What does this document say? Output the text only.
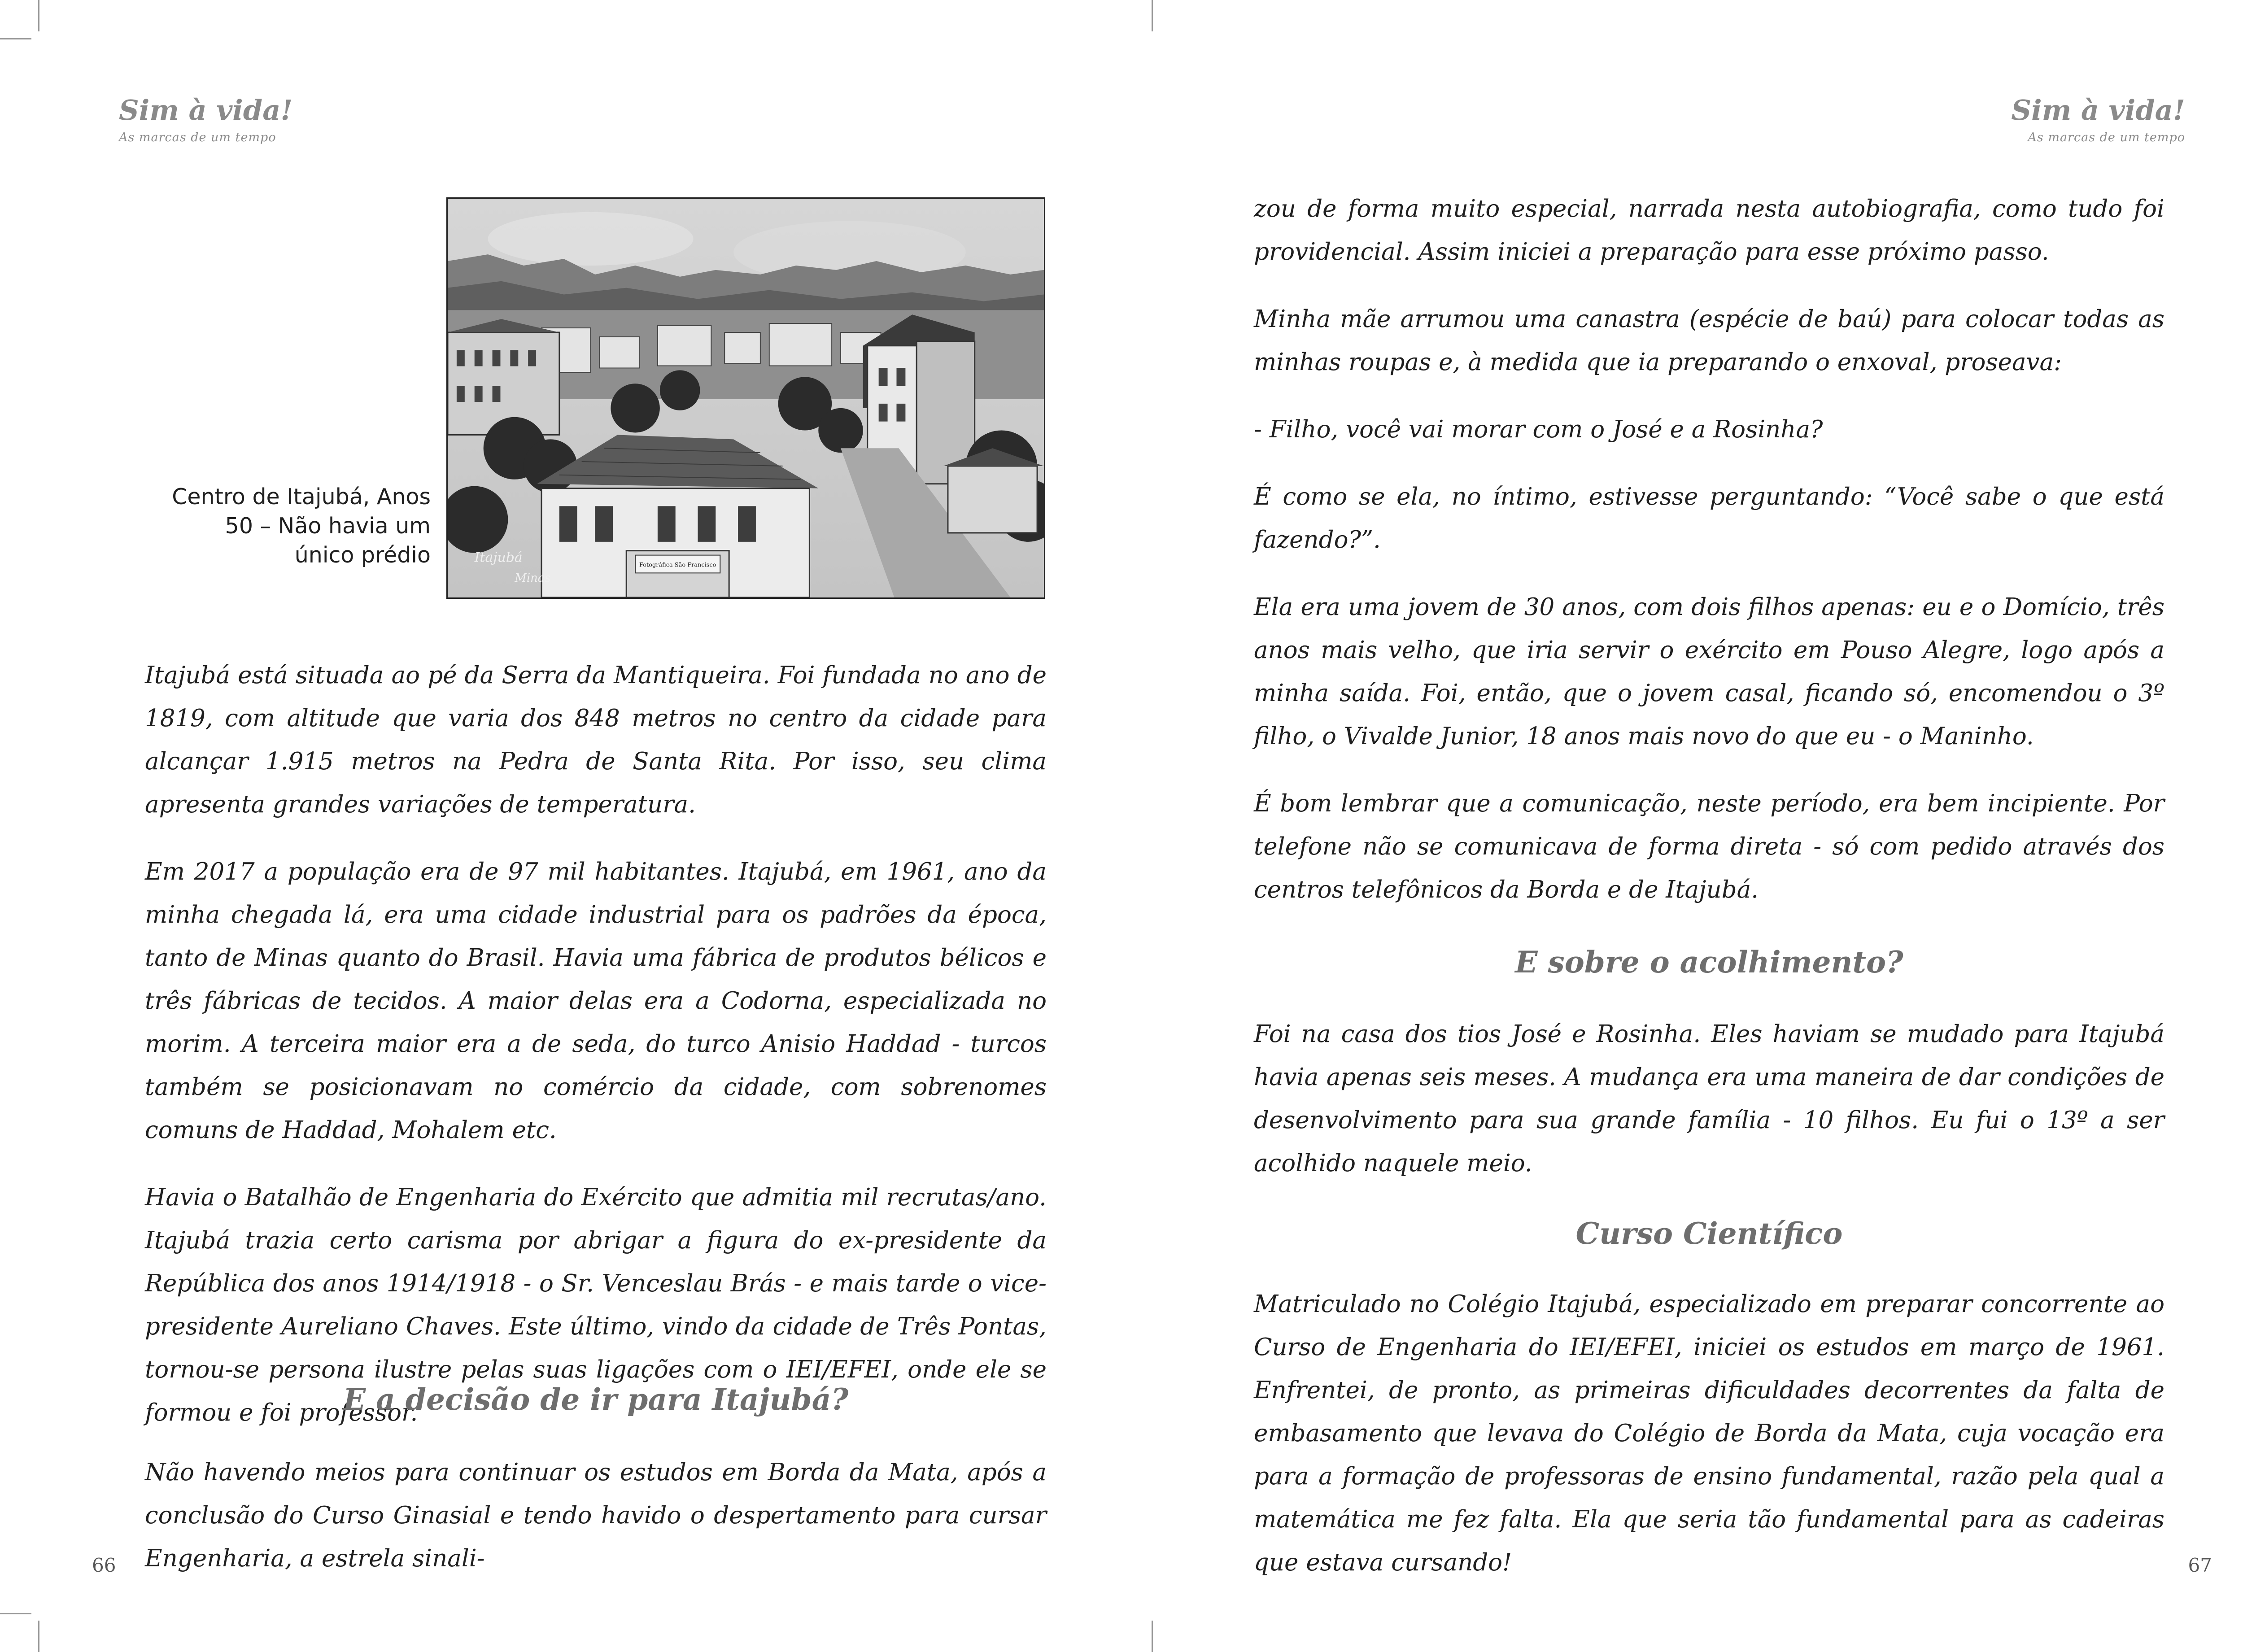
Sim à vida!
As marcas de um tempo
Centro de Itajubá, Anos 50 – Não havia um único prédio	Fotográfica São Francisco
Itajubá
Minas

Itajubá está situada ao pé da Serra da Mantiqueira. Foi fundada no ano de 1819, com altitude que varia dos 848 metros no centro da cidade para alcançar 1.915 metros na Pedra de Santa Rita. Por isso, seu clima apresenta grandes variações de temperatura.

Em 2017 a população era de 97 mil habitantes. Itajubá, em 1961, ano da minha chegada lá, era uma cidade industrial para os padrões da época, tanto de Minas quanto do Brasil. Havia uma fábrica de produtos bélicos e três fábricas de tecidos. A maior delas era a Codorna, especializada no morim. A terceira maior era a de seda, do turco Anisio Haddad - turcos também se posicionavam no comércio da cidade, com sobrenomes comuns de Haddad, Mohalem etc.

Havia o Batalhão de Engenharia do Exército que admitia mil recrutas/ano. Itajubá trazia certo carisma por abrigar a figura do ex-presidente da República dos anos 1914/1918 - o Sr. Venceslau Brás - e mais tarde o vice-presidente Aureliano Chaves. Este último, vindo da cidade de Três Pontas, tornou-se persona ilustre pelas suas ligações com o IEI/EFEI, onde ele se formou e foi professor.

E a decisão de ir para Itajubá?

Não havendo meios para continuar os estudos em Borda da Mata, após a conclusão do Curso Ginasial e tendo havido o despertamento para cursar Engenharia, a estrela sinali-

66
Sim à vida!
As marcas de um tempo

zou de forma muito especial, narrada nesta autobiografia, como tudo foi providencial. Assim iniciei a preparação para esse próximo passo.

Minha mãe arrumou uma canastra (espécie de baú) para colocar todas as minhas roupas e, à medida que ia preparando o enxoval, proseava:

- Filho, você vai morar com o José e a Rosinha?

É como se ela, no íntimo, estivesse perguntando: “Você sabe o que está fazendo?”.

Ela era uma jovem de 30 anos, com dois filhos apenas: eu e o Domício, três anos mais velho, que iria servir o exército em Pouso Alegre, logo após a minha saída. Foi, então, que o jovem casal, ficando só, encomendou o 3º filho, o Vivalde Junior, 18 anos mais novo do que eu - o Maninho.

É bom lembrar que a comunicação, neste período, era bem incipiente. Por telefone não se comunicava de forma direta - só com pedido através dos centros telefônicos da Borda e de Itajubá.

E sobre o acolhimento?

Foi na casa dos tios José e Rosinha. Eles haviam se mudado para Itajubá havia apenas seis meses. A mudança era uma maneira de dar condições de desenvolvimento para sua grande família - 10 filhos. Eu fui o 13º a ser acolhido naquele meio.

Curso Científico

Matriculado no Colégio Itajubá, especializado em preparar concorrente ao Curso de Engenharia do IEI/EFEI, iniciei os estudos em março de 1961. Enfrentei, de pronto, as primeiras dificuldades decorrentes da falta de embasamento que levava do Colégio de Borda da Mata, cuja vocação era para a formação de professoras de ensino fundamental, razão pela qual a matemática me fez falta. Ela que seria tão fundamental para as cadeiras que estava cursando!	67
